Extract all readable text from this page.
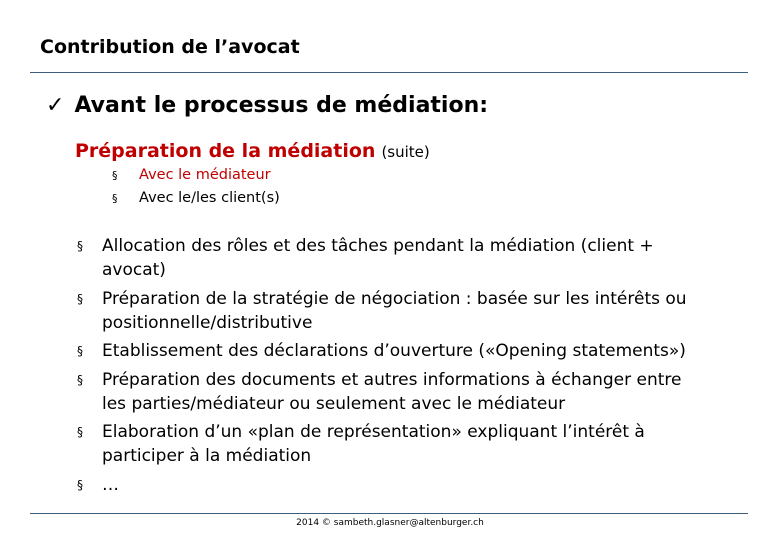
Contribution de l’avocat
✓ Avant le processus de médiation:
Préparation de la médiation (suite)
§ Avec le médiateur
§ Avec le/les client(s)
§ Allocation des rôles et des tâches pendant la médiation (client + avocat)
§ Préparation de la stratégie de négociation : basée sur les intérêts ou positionnelle/distributive
§ Etablissement des déclarations d’ouverture («Opening statements»)
§ Préparation des documents et autres informations à échanger entre les parties/médiateur ou seulement avec le médiateur
§ Elaboration d’un «plan de représentation» expliquant l’intérêt à participer à la médiation
§ …
2014 © sambeth.glasner@altenburger.ch
